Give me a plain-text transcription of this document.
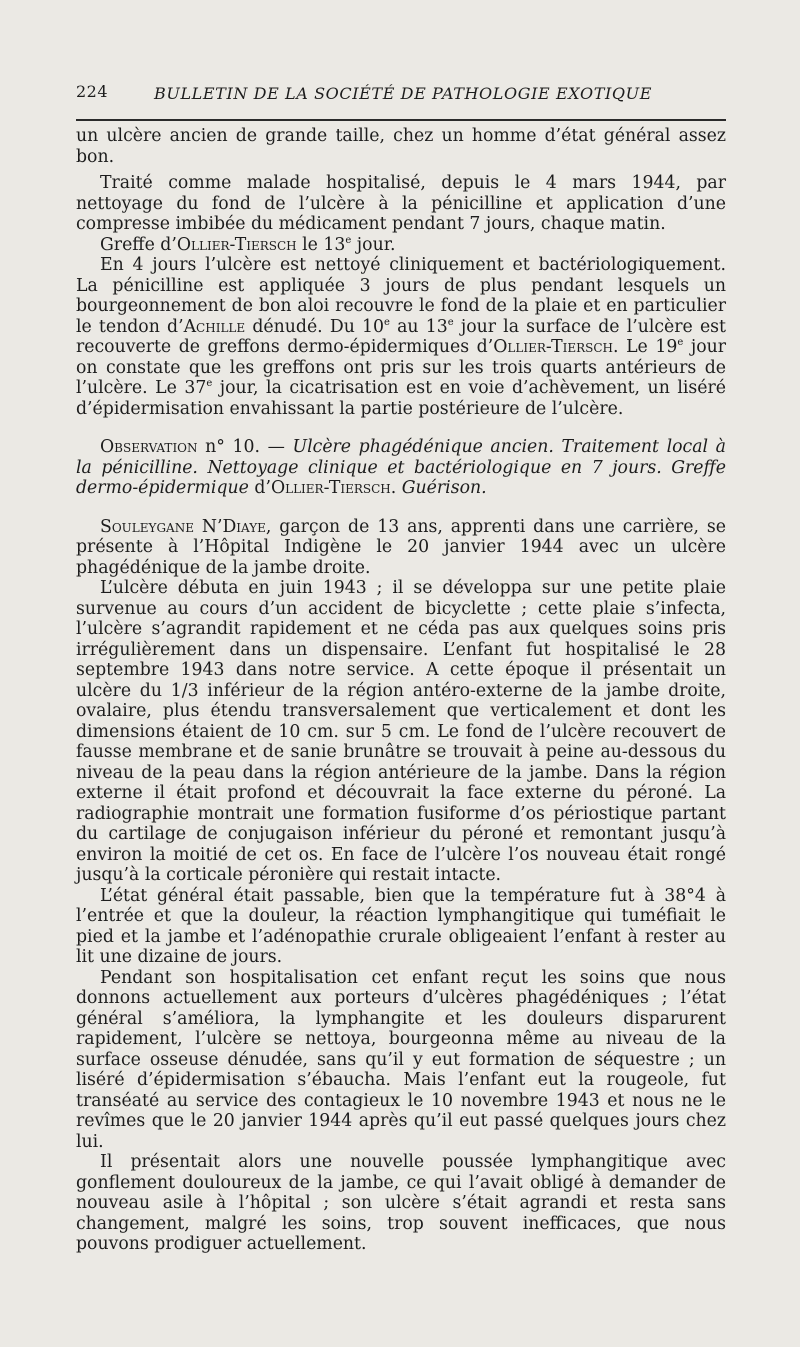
224	BULLETIN DE LA SOCIÉTÉ DE PATHOLOGIE EXOTIQUE

un ulcère ancien de grande taille, chez un homme d’état général assez bon.

Traité comme malade hospitalisé, depuis le 4 mars 1944, par nettoyage du fond de l’ulcère à la pénicilline et application d’une compresse imbibée du médicament pendant 7 jours, chaque matin.

Greffe d’Ollier-Tiersch le 13e jour.

En 4 jours l’ulcère est nettoyé cliniquement et bactériologiquement. La pénicilline est appliquée 3 jours de plus pendant lesquels un bourgeonnement de bon aloi recouvre le fond de la plaie et en particulier le tendon d’Achille dénudé. Du 10e au 13e jour la surface de l’ulcère est recouverte de greffons dermo-épidermiques d’Ollier-Tiersch. Le 19e jour on constate que les greffons ont pris sur les trois quarts antérieurs de l’ulcère. Le 37e jour, la cicatrisation est en voie d’achèvement, un liséré d’épidermisation envahissant la partie postérieure de l’ulcère.

Observation n° 10. — Ulcère phagédénique ancien. Traitement local à la pénicilline. Nettoyage clinique et bactériologique en 7 jours. Greffe dermo-épidermique d’Ollier-Tiersch. Guérison.

Souleygane N’Diaye, garçon de 13 ans, apprenti dans une carrière, se présente à l’Hôpital Indigène le 20 janvier 1944 avec un ulcère phagédénique de la jambe droite.

L’ulcère débuta en juin 1943 ; il se développa sur une petite plaie survenue au cours d’un accident de bicyclette ; cette plaie s’infecta, l’ulcère s’agrandit rapidement et ne céda pas aux quelques soins pris irrégulièrement dans un dispensaire. L’enfant fut hospitalisé le 28 septembre 1943 dans notre service. A cette époque il présentait un ulcère du 1/3 inférieur de la région antéro-externe de la jambe droite, ovalaire, plus étendu transversalement que verticalement et dont les dimensions étaient de 10 cm. sur 5 cm. Le fond de l’ulcère recouvert de fausse membrane et de sanie brunâtre se trouvait à peine au-dessous du niveau de la peau dans la région antérieure de la jambe. Dans la région externe il était profond et découvrait la face externe du péroné. La radiographie montrait une formation fusiforme d’os périostique partant du cartilage de conjugaison inférieur du péroné et remontant jusqu’à environ la moitié de cet os. En face de l’ulcère l’os nouveau était rongé jusqu’à la corticale péronière qui restait intacte.

L’état général était passable, bien que la température fut à 38°4 à l’entrée et que la douleur, la réaction lymphangitique qui tuméfiait le pied et la jambe et l’adénopathie crurale obligeaient l’enfant à rester au lit une dizaine de jours.

Pendant son hospitalisation cet enfant reçut les soins que nous donnons actuellement aux porteurs d’ulcères phagédéniques ; l’état général s’améliora, la lymphangite et les douleurs disparurent rapidement, l’ulcère se nettoya, bourgeonna même au niveau de la surface osseuse dénudée, sans qu’il y eut formation de séquestre ; un liséré d’épidermisation s’ébaucha. Mais l’enfant eut la rougeole, fut transéaté au service des contagieux le 10 novembre 1943 et nous ne le revîmes que le 20 janvier 1944 après qu’il eut passé quelques jours chez lui.

Il présentait alors une nouvelle poussée lymphangitique avec gonflement douloureux de la jambe, ce qui l’avait obligé à demander de nouveau asile à l’hôpital ; son ulcère s’était agrandi et resta sans changement, malgré les soins, trop souvent inefficaces, que nous pouvons prodiguer actuellement.
